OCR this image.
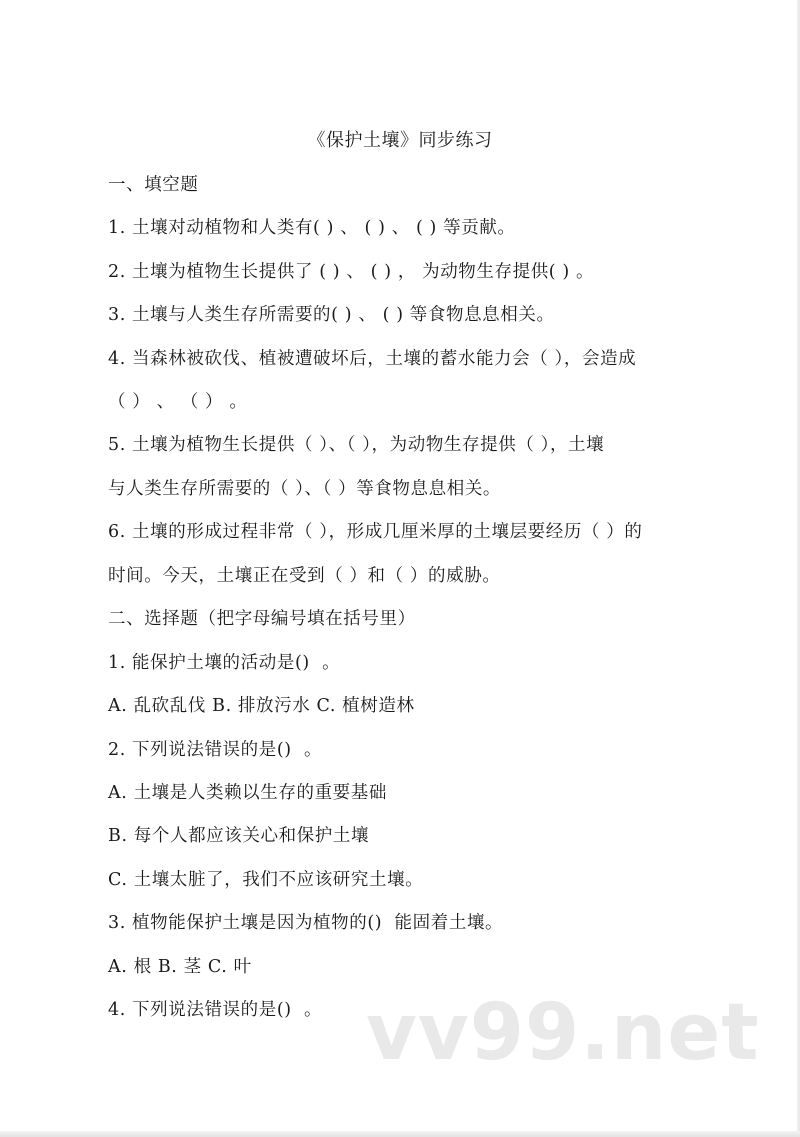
《保护土壤》同步练习
一、填空题
1. 土壤对动植物和人类有( ) 、 ( ) 、 ( ) 等贡献。
2. 土壤为植物生长提供了 ( ) 、 ( ) ， 为动物生存提供( ) 。
3. 土壤与人类生存所需要的( ) 、 ( ) 等食物息息相关。
4. 当森林被砍伐、植被遭破坏后，土壤的蓄水能力会（ ），会造成
（ ） 、 （ ） 。
5. 土壤为植物生长提供（ ）、（ ），为动物生存提供（ ），土壤
与人类生存所需要的（ ）、（ ）等食物息息相关。
6. 土壤的形成过程非常（ ），形成几厘米厚的土壤层要经历（ ）的
时间。今天，土壤正在受到（ ）和（ ）的威胁。
二、选择题（把字母编号填在括号里）
1. 能保护土壤的活动是()  。
A. 乱砍乱伐 B. 排放污水 C. 植树造林
2. 下列说法错误的是()  。
A. 土壤是人类赖以生存的重要基础
B. 每个人都应该关心和保护土壤
C. 土壤太脏了，我们不应该研究土壤。
3. 植物能保护土壤是因为植物的()  能固着土壤。
A. 根 B. 茎 C. 叶
4. 下列说法错误的是()  。 vv99.net
